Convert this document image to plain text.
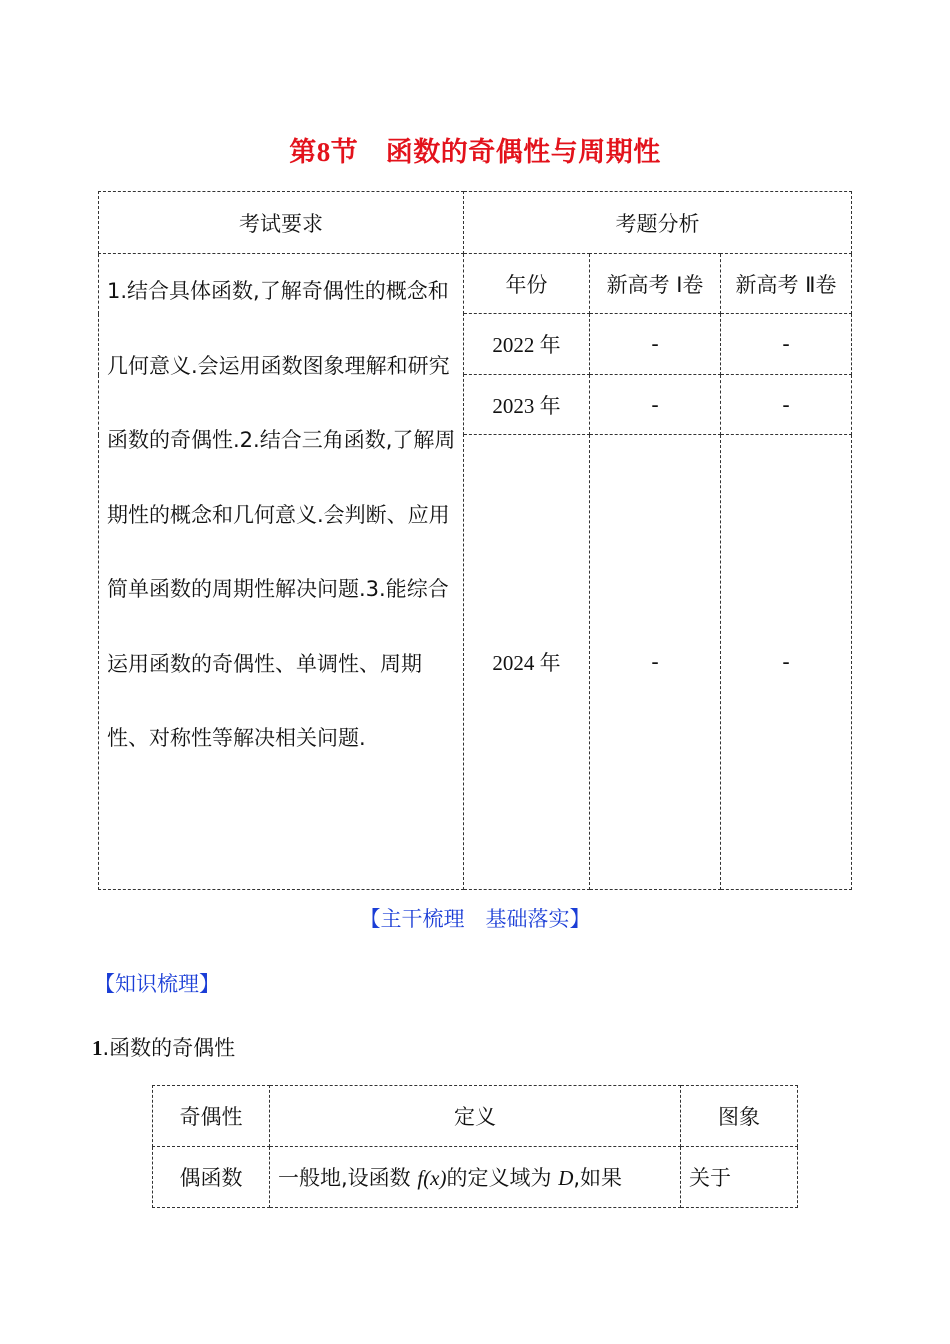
第8节　函数的奇偶性与周期性
考试要求	考题分析		
1.结合具体函数,了解奇偶性的概念和几何意义.会运用函数图象理解和研究函数的奇偶性.2.结合三角函数,了解周期性的概念和几何意义.会判断、应用简单函数的周期性解决问题.3.能综合运用函数的奇偶性、单调性、周期性、对称性等解决相关问题.	年份	新高考 Ⅰ卷	新高考 Ⅱ卷
	2022 年	-	-
	2023 年	-	-
	2024 年	-	-
【主干梳理　基础落实】
【知识梳理】
1.函数的奇偶性
奇偶性	定义	图象
偶函数	一般地,设函数 f(x)的定义域为 D,如果	关于
